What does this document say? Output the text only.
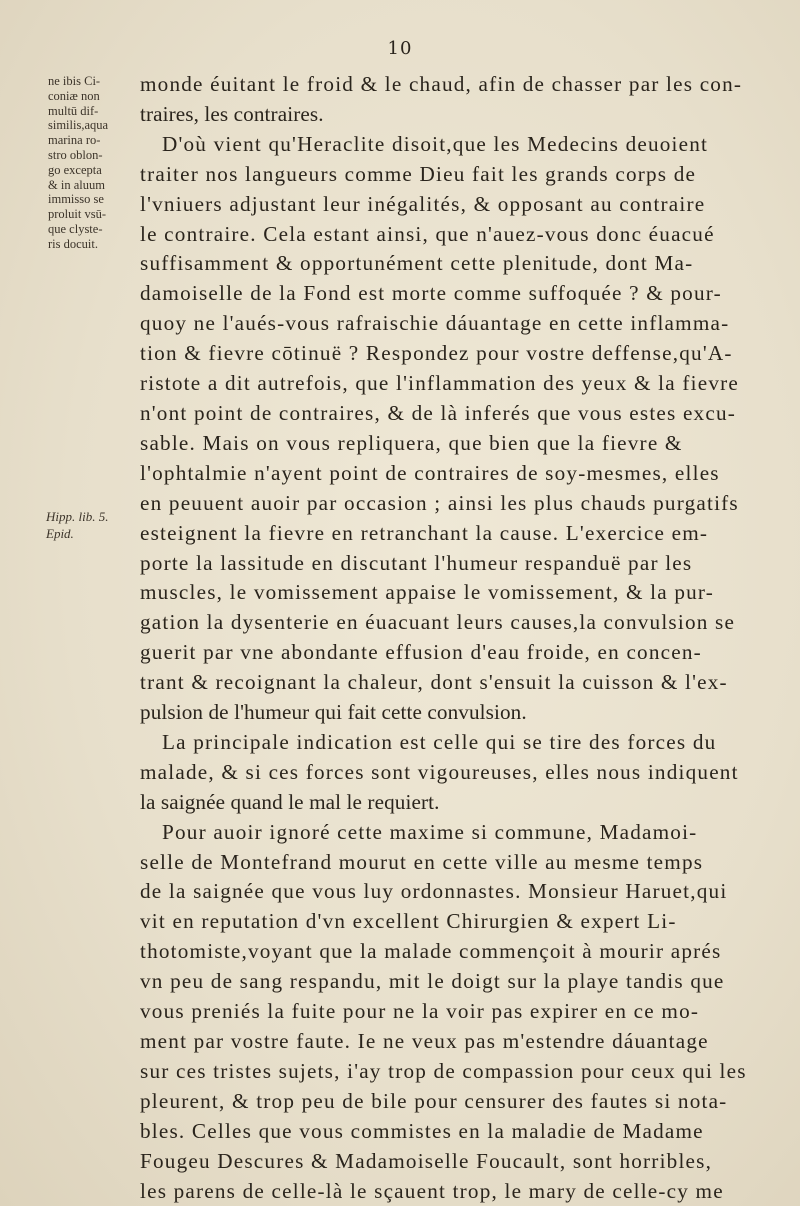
10
ne ibis Ci-
coniæ non
multū dif-
similis,aqua
marina ro-
stro oblon-
go excepta
& in aluum
immisso se
proluit vsū-
que clyste-
ris docuit.
Hipp. lib. 5.
Epid.
monde éuitant le froid & le chaud, afin de chasser par les con-
traires, les contraires.
D'où vient qu'Heraclite disoit,que les Medecins deuoient
traiter nos langueurs comme Dieu fait les grands corps de
l'vniuers adjustant leur inégalités, & opposant au contraire
le contraire. Cela estant ainsi, que n'auez-vous donc éuacué
suffisamment & opportunément cette plenitude, dont Ma-
damoiselle de la Fond est morte comme suffoquée ? & pour-
quoy ne l'aués-vous rafraischie dáuantage en cette inflamma-
tion & fievre cōtinuë ? Respondez pour vostre deffense,qu'A-
ristote a dit autrefois, que l'inflammation des yeux & la fievre
n'ont point de contraires, & de là inferés que vous estes excu-
sable. Mais on vous repliquera, que bien que la fievre &
l'ophtalmie n'ayent point de contraires de soy-mesmes, elles
en peuuent auoir par occasion ; ainsi les plus chauds purgatifs
esteignent la fievre en retranchant la cause. L'exercice em-
porte la lassitude en discutant l'humeur respanduë par les
muscles, le vomissement appaise le vomissement, & la pur-
gation la dysenterie en éuacuant leurs causes,la convulsion se
guerit par vne abondante effusion d'eau froide, en concen-
trant & recoignant la chaleur, dont s'ensuit la cuisson & l'ex-
pulsion de l'humeur qui fait cette convulsion.
La principale indication est celle qui se tire des forces du
malade, & si ces forces sont vigoureuses, elles nous indiquent
la saignée quand le mal le requiert.
Pour auoir ignoré cette maxime si commune, Madamoi-
selle de Montefrand mourut en cette ville au mesme temps
de la saignée que vous luy ordonnastes. Monsieur Haruet,qui
vit en reputation d'vn excellent Chirurgien & expert Li-
thotomiste,voyant que la malade commençoit à mourir aprés
vn peu de sang respandu, mit le doigt sur la playe tandis que
vous preniés la fuite pour ne la voir pas expirer en ce mo-
ment par vostre faute. Ie ne veux pas m'estendre dáuantage
sur ces tristes sujets, i'ay trop de compassion pour ceux qui les
pleurent, & trop peu de bile pour censurer des fautes si nota-
bles. Celles que vous commistes en la maladie de Madame
Fougeu Descures & Madamoiselle Foucault, sont horribles,
les parens de celle-là le sçauent trop, le mary de celle-cy me
